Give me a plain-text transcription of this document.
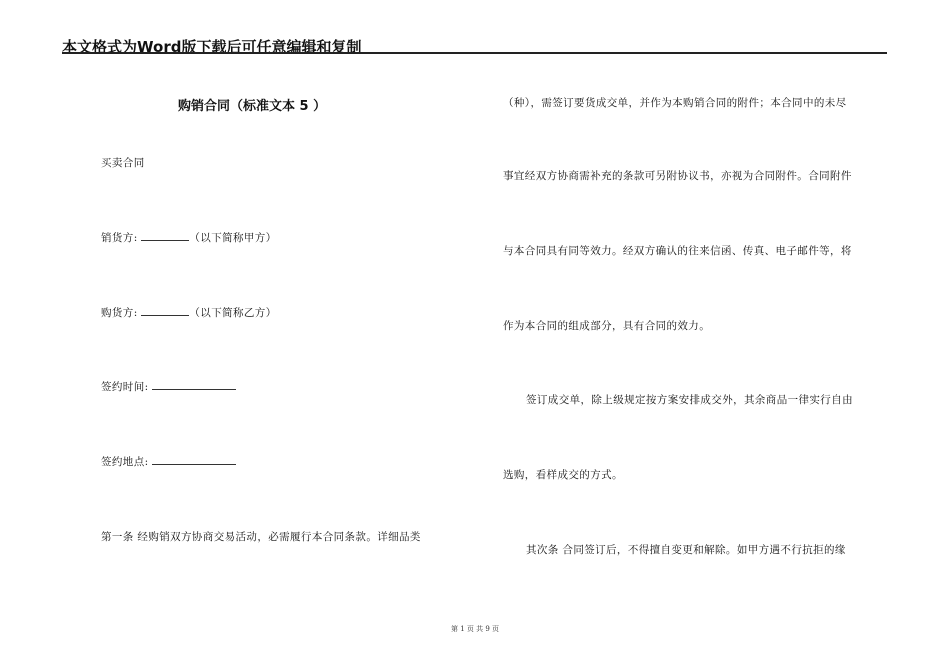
本文格式为Word版下载后可任意编辑和复制
购销合同（标准文本 5 ）
买卖合同
销货方:	（以下简称甲方）
购货方:	（以下简称乙方）
签约时间:
签约地点:
第一条 经购销双方协商交易活动，必需履行本合同条款。详细品类
（种），需签订要货成交单，并作为本购销合同的附件；本合同中的未尽
事宜经双方协商需补充的条款可另附协议书，亦视为合同附件。合同附件
与本合同具有同等效力。经双方确认的往来信函、传真、电子邮件等，将
作为本合同的组成部分，具有合同的效力。
签订成交单，除上级规定按方案安排成交外，其余商品一律实行自由
选购，看样成交的方式。
其次条 合同签订后，不得擅自变更和解除。如甲方遇不行抗拒的缘
第 1 页 共 9 页
